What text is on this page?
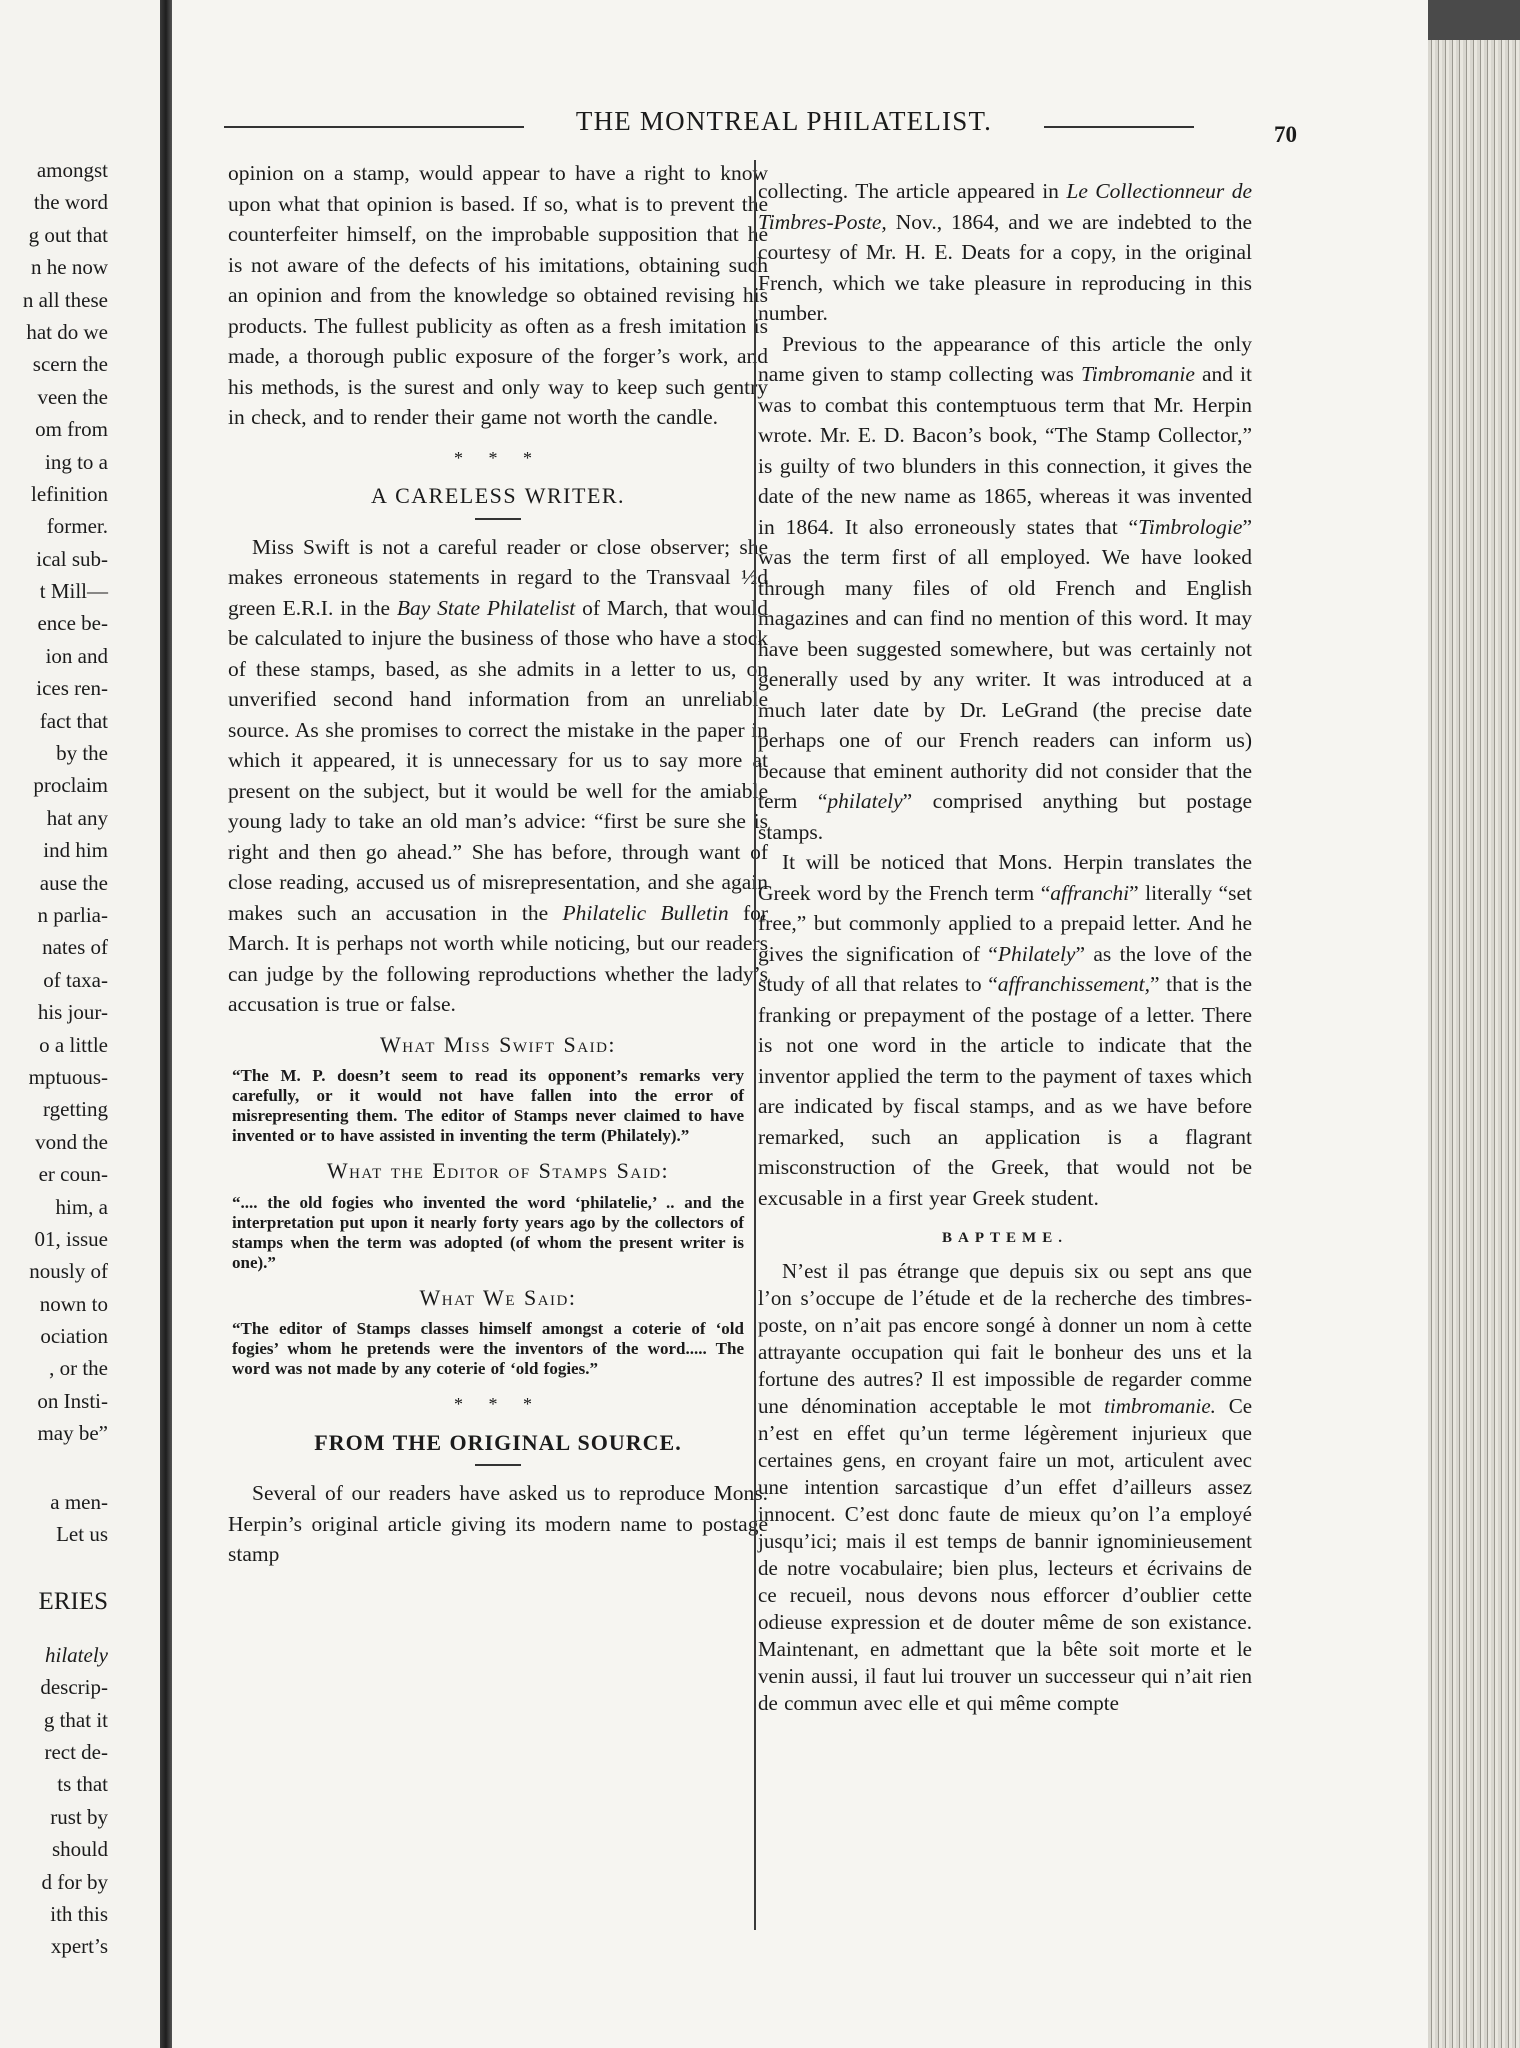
amongst
the word
g out that
n he now
n all these
hat do we
scern the
veen the
om from
ing to a
lefinition
former.
ical sub-
t Mill—
ence be-
ion and
ices ren-
fact that
by the
proclaim
hat any
ind him
ause the
n parlia-
nates of
of taxa-
his jour-
o a little
mptuous-
rgetting
vond the
er coun-
him, a
01, issue
nously of
nown to
ociation
, or the
on Insti-
may be”
a men-
Let us
ERIES
hilately
descrip-
g that it
rect de-
ts that
rust by
should
d for by
ith this
xpert’s
THE MONTREAL PHILATELIST.	70

opinion on a stamp, would appear to have a right to know upon what that opinion is based. If so, what is to prevent the counterfeiter himself, on the improbable supposition that he is not aware of the defects of his imitations, obtaining such an opinion and from the knowledge so obtained revising his products. The fullest publicity as often as a fresh imitation is made, a thorough public exposure of the forger’s work, and his methods, is the surest and only way to keep such gentry in check, and to render their game not worth the candle.

* * *
A CARELESS WRITER.

Miss Swift is not a careful reader or close observer; she makes erroneous statements in regard to the Transvaal ½d green E.R.I. in the Bay State Philatelist of March, that would be calculated to injure the business of those who have a stock of these stamps, based, as she admits in a letter to us, on unverified second hand information from an unreliable source. As she promises to correct the mistake in the paper in which it appeared, it is unnecessary for us to say more at present on the subject, but it would be well for the amiable young lady to take an old man’s advice: “first be sure she is right and then go ahead.” She has before, through want of close reading, accused us of misrepresentation, and she again makes such an accusation in the Philatelic Bulletin for March. It is perhaps not worth while noticing, but our readers can judge by the following reproductions whether the lady’s accusation is true or false.

What Miss Swift Said:
“The M. P. doesn’t seem to read its opponent’s remarks very carefully, or it would not have fallen into the error of misrepresenting them. The editor of Stamps never claimed to have invented or to have assisted in inventing the term (Philately).”
What the Editor of Stamps Said:
“.... the old fogies who invented the word ‘philatelie,’ .. and the interpretation put upon it nearly forty years ago by the collectors of stamps when the term was adopted (of whom the present writer is one).”
What We Said:
“The editor of Stamps classes himself amongst a coterie of ‘old fogies’ whom he pretends were the inventors of the word..... The word was not made by any coterie of ‘old fogies.”
* * *
FROM THE ORIGINAL SOURCE.

Several of our readers have asked us to reproduce Mons. Herpin’s original article giving its modern name to postage stamp

collecting. The article appeared in Le Collectionneur de Timbres-Poste, Nov., 1864, and we are indebted to the courtesy of Mr. H. E. Deats for a copy, in the original French, which we take pleasure in reproducing in this number.

Previous to the appearance of this article the only name given to stamp collecting was Timbromanie and it was to combat this contemptuous term that Mr. Herpin wrote. Mr. E. D. Bacon’s book, “The Stamp Collector,” is guilty of two blunders in this connection, it gives the date of the new name as 1865, whereas it was invented in 1864. It also erroneously states that “Timbrologie” was the term first of all employed. We have looked through many files of old French and English magazines and can find no mention of this word. It may have been suggested somewhere, but was certainly not generally used by any writer. It was introduced at a much later date by Dr. LeGrand (the precise date perhaps one of our French readers can inform us) because that eminent authority did not consider that the term “philately” comprised anything but postage stamps.

It will be noticed that Mons. Herpin translates the Greek word by the French term “affranchi” literally “set free,” but commonly applied to a prepaid letter. And he gives the signification of “Philately” as the love of the study of all that relates to “affranchissement,” that is the franking or prepayment of the postage of a letter. There is not one word in the article to indicate that the inventor applied the term to the payment of taxes which are indicated by fiscal stamps, and as we have before remarked, such an application is a flagrant misconstruction of the Greek, that would not be excusable in a first year Greek student.

BAPTEME.

N’est il pas étrange que depuis six ou sept ans que l’on s’occupe de l’étude et de la recherche des timbres-poste, on n’ait pas encore songé à donner un nom à cette attrayante occupation qui fait le bonheur des uns et la fortune des autres? Il est impossible de regarder comme une dénomination acceptable le mot timbromanie. Ce n’est en effet qu’un terme légèrement injurieux que certaines gens, en croyant faire un mot, articulent avec une intention sarcastique d’un effet d’ailleurs assez innocent. C’est donc faute de mieux qu’on l’a employé jusqu’ici; mais il est temps de bannir ignominieusement de notre vocabulaire; bien plus, lecteurs et écrivains de ce recueil, nous devons nous efforcer d’oublier cette odieuse expression et de douter même de son existance. Maintenant, en admettant que la bête soit morte et le venin aussi, il faut lui trouver un successeur qui n’ait rien de commun avec elle et qui même compte
